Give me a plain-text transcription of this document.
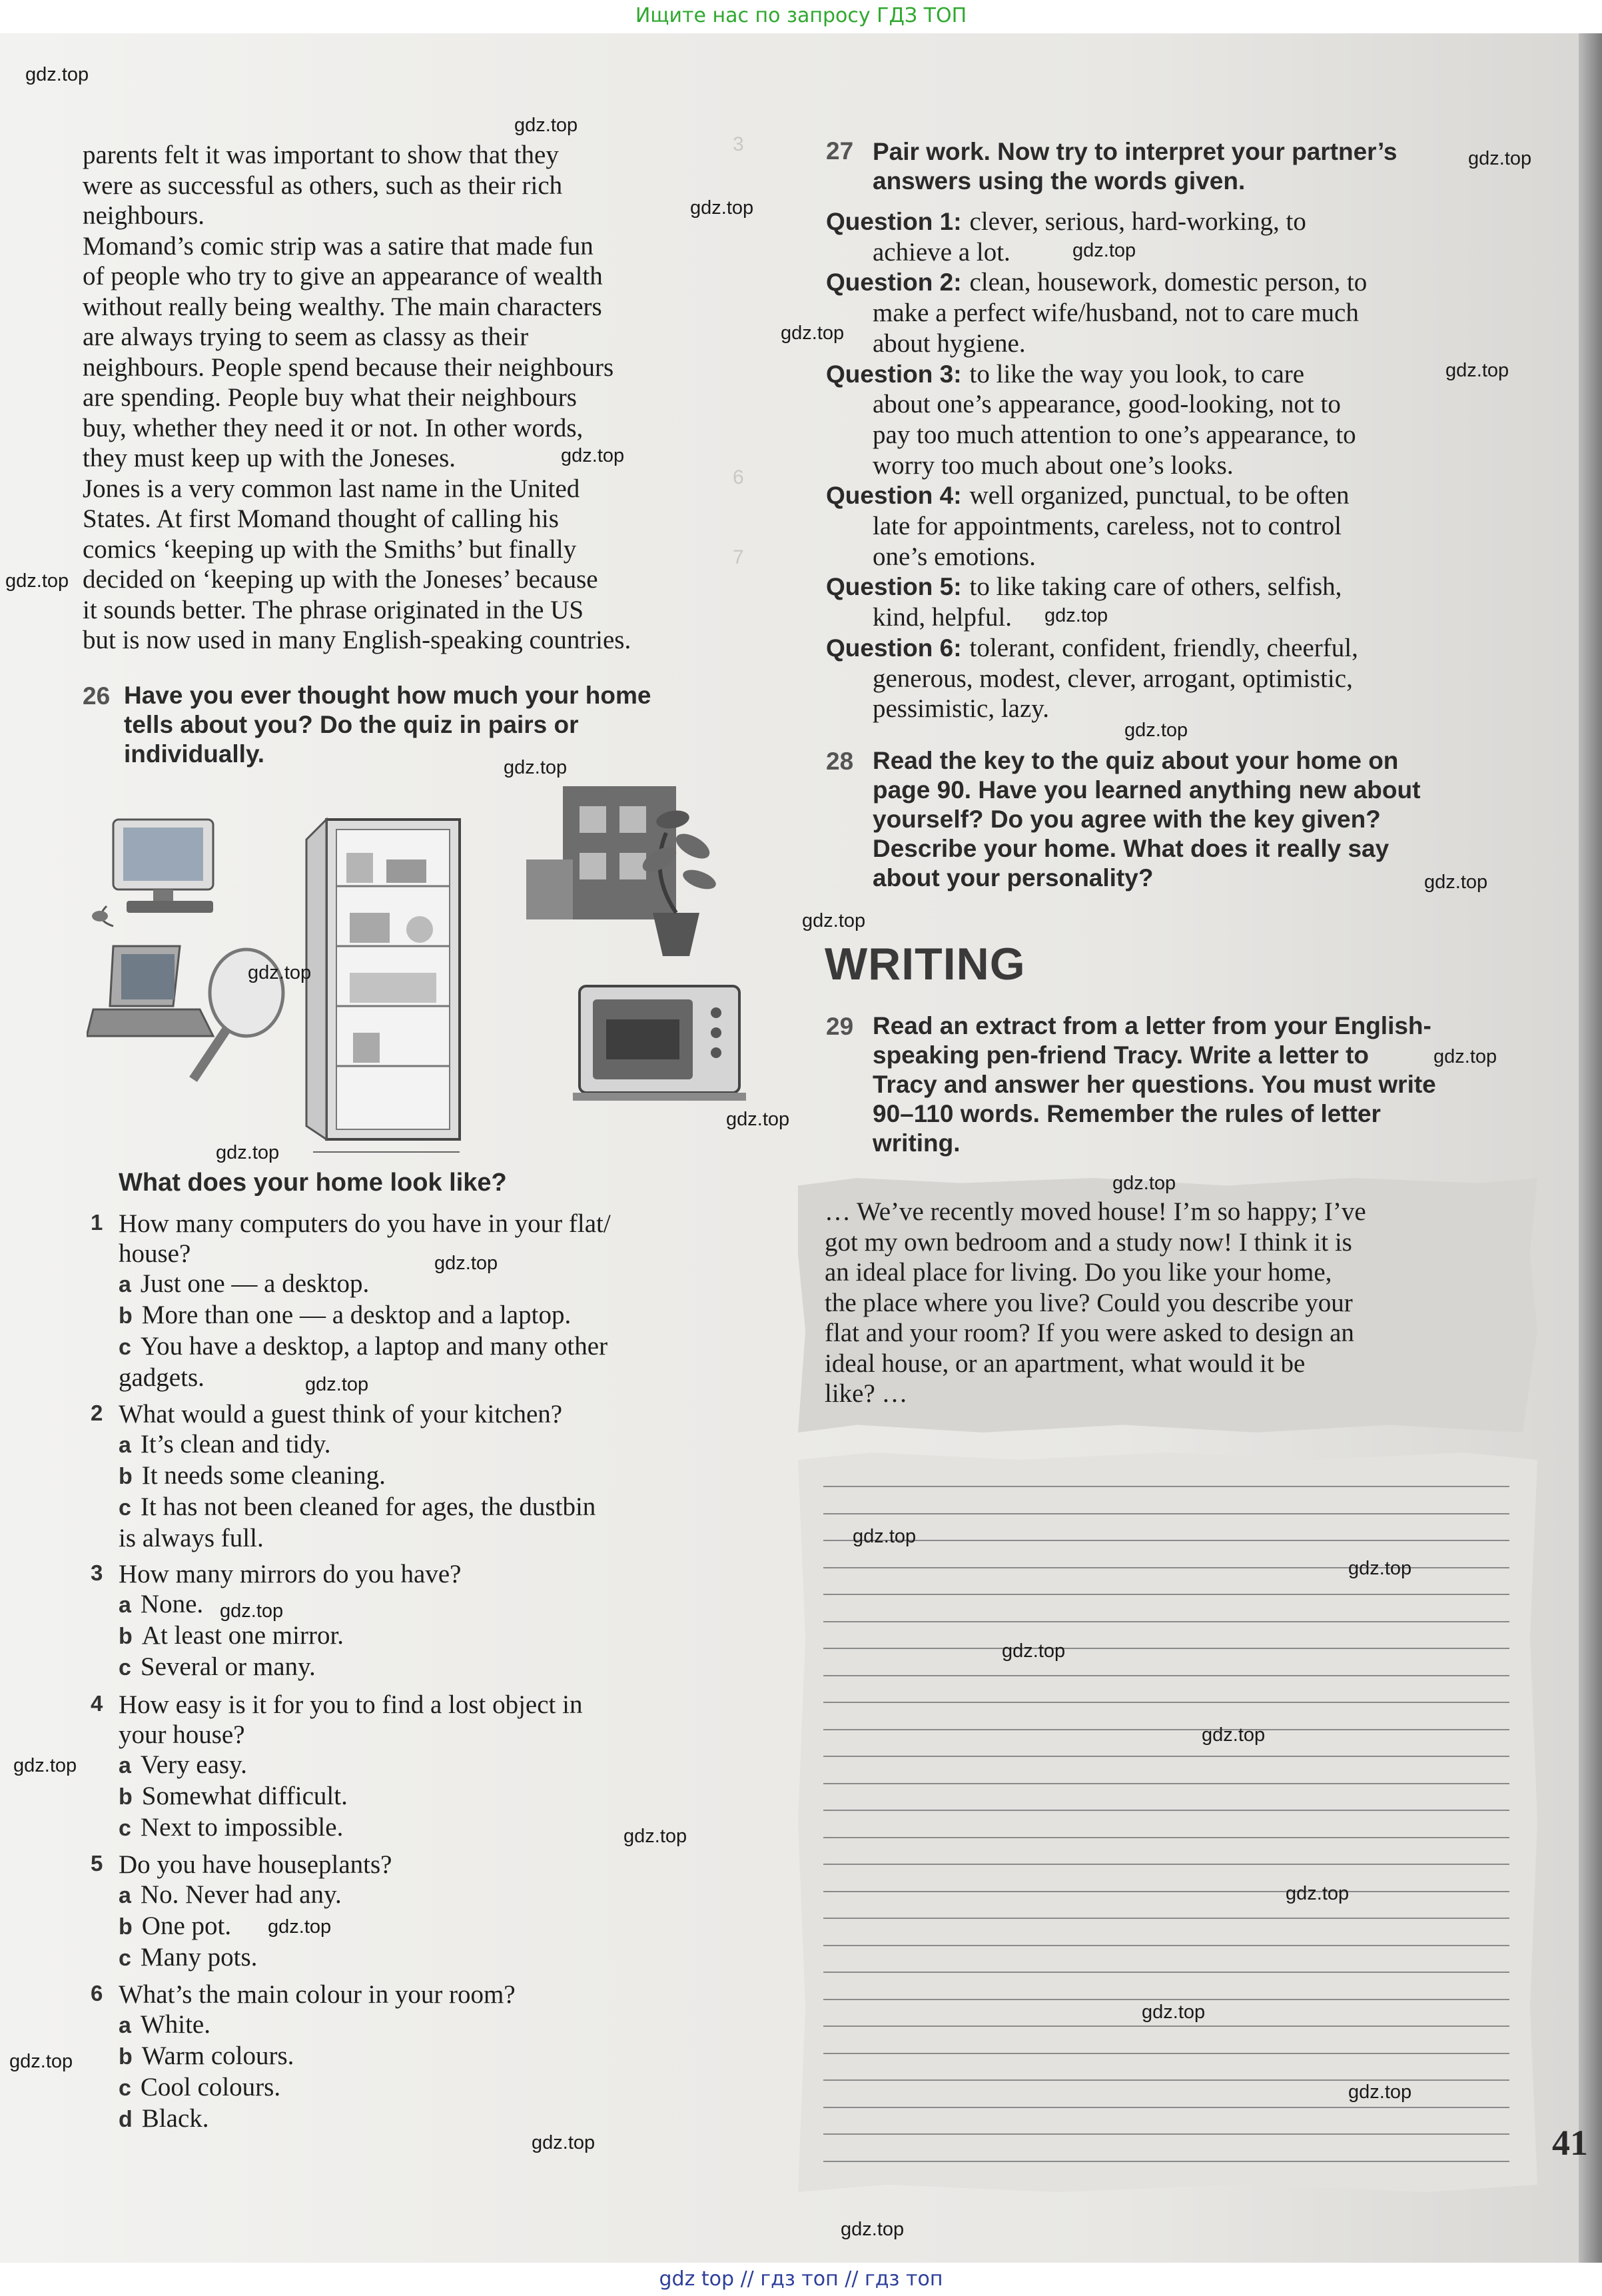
Ищите нас по запросу ГДЗ ТОП
3
6
7
parents felt it was important to show that they
were as successful as others, such as their rich
neighbours.
Momand’s comic strip was a satire that made fun
of people who try to give an appearance of wealth
without really being wealthy. The main characters
are always trying to seem as classy as their
neighbours. People spend because their neighbours
are spending. People buy what their neighbours
buy, whether they need it or not. In other words,
they must keep up with the Joneses.
Jones is a very common last name in the United
States. At first Momand thought of calling his
comics ‘keeping up with the Smiths’ but finally
decided on ‘keeping up with the Joneses’ because
it sounds better. The phrase originated in the US
but is now used in many English-speaking countries.
26 Have you ever thought how much your home
tells about you? Do the quiz in pairs or
individually.
What does your home look like?
1 How many computers do you have in your flat/
house?
a Just one — a desktop.
b More than one — a desktop and a laptop.
c You have a desktop, a laptop and many other
gadgets.
2 What would a guest think of your kitchen?
a It’s clean and tidy.
b It needs some cleaning.
c It has not been cleaned for ages, the dustbin
is always full.
3 How many mirrors do you have?
a None.
b At least one mirror.
c Several or many.
4 How easy is it for you to find a lost object in
your house?
a Very easy.
b Somewhat difficult.
c Next to impossible.
5 Do you have houseplants?
a No. Never had any.
b One pot.
c Many pots.
6 What’s the main colour in your room?
a White.
b Warm colours.
c Cool colours.
d Black.
27 Pair work. Now try to interpret your partner’s
answers using the words given.
Question 1: clever, serious, hard-working, to
achieve a lot.
Question 2: clean, housework, domestic person, to
make a perfect wife/husband, not to care much
about hygiene.
Question 3: to like the way you look, to care
about one’s appearance, good-looking, not to
pay too much attention to one’s appearance, to
worry too much about one’s looks.
Question 4: well organized, punctual, to be often
late for appointments, careless, not to control
one’s emotions.
Question 5: to like taking care of others, selfish,
kind, helpful.
Question 6: tolerant, confident, friendly, cheerful,
generous, modest, clever, arrogant, optimistic,
pessimistic, lazy.
28 Read the key to the quiz about your home on
page 90. Have you learned anything new about
yourself? Do you agree with the key given?
Describe your home. What does it really say
about your personality?
WRITING
29 Read an extract from a letter from your English-
speaking pen-friend Tracy. Write a letter to
Tracy and answer her questions. You must write
90–110 words. Remember the rules of letter
writing.
… We’ve recently moved house! I’m so happy; I’ve
got my own bedroom and a study now! I think it is
an ideal place for living. Do you like your home,
the place where you live? Could you describe your
flat and your room? If you were asked to design an
ideal house, or an apartment, what would it be
like? …
41
gdz.top
gdz.top
gdz.top
gdz.top
gdz.top
gdz.top
gdz.top
gdz.top
gdz.top
gdz.top
gdz.top
gdz.top
gdz.top
gdz.top
gdz.top
gdz.top
gdz.top
gdz.top
gdz.top
gdz.top
gdz.top
gdz.top
gdz.top
gdz.top
gdz.top
gdz.top
gdz.top
gdz.top
gdz.top
gdz.top
gdz.top
gdz.top
gdz.top
gdz.top
gdz.top
gdz top // гдз топ // гдз топ
